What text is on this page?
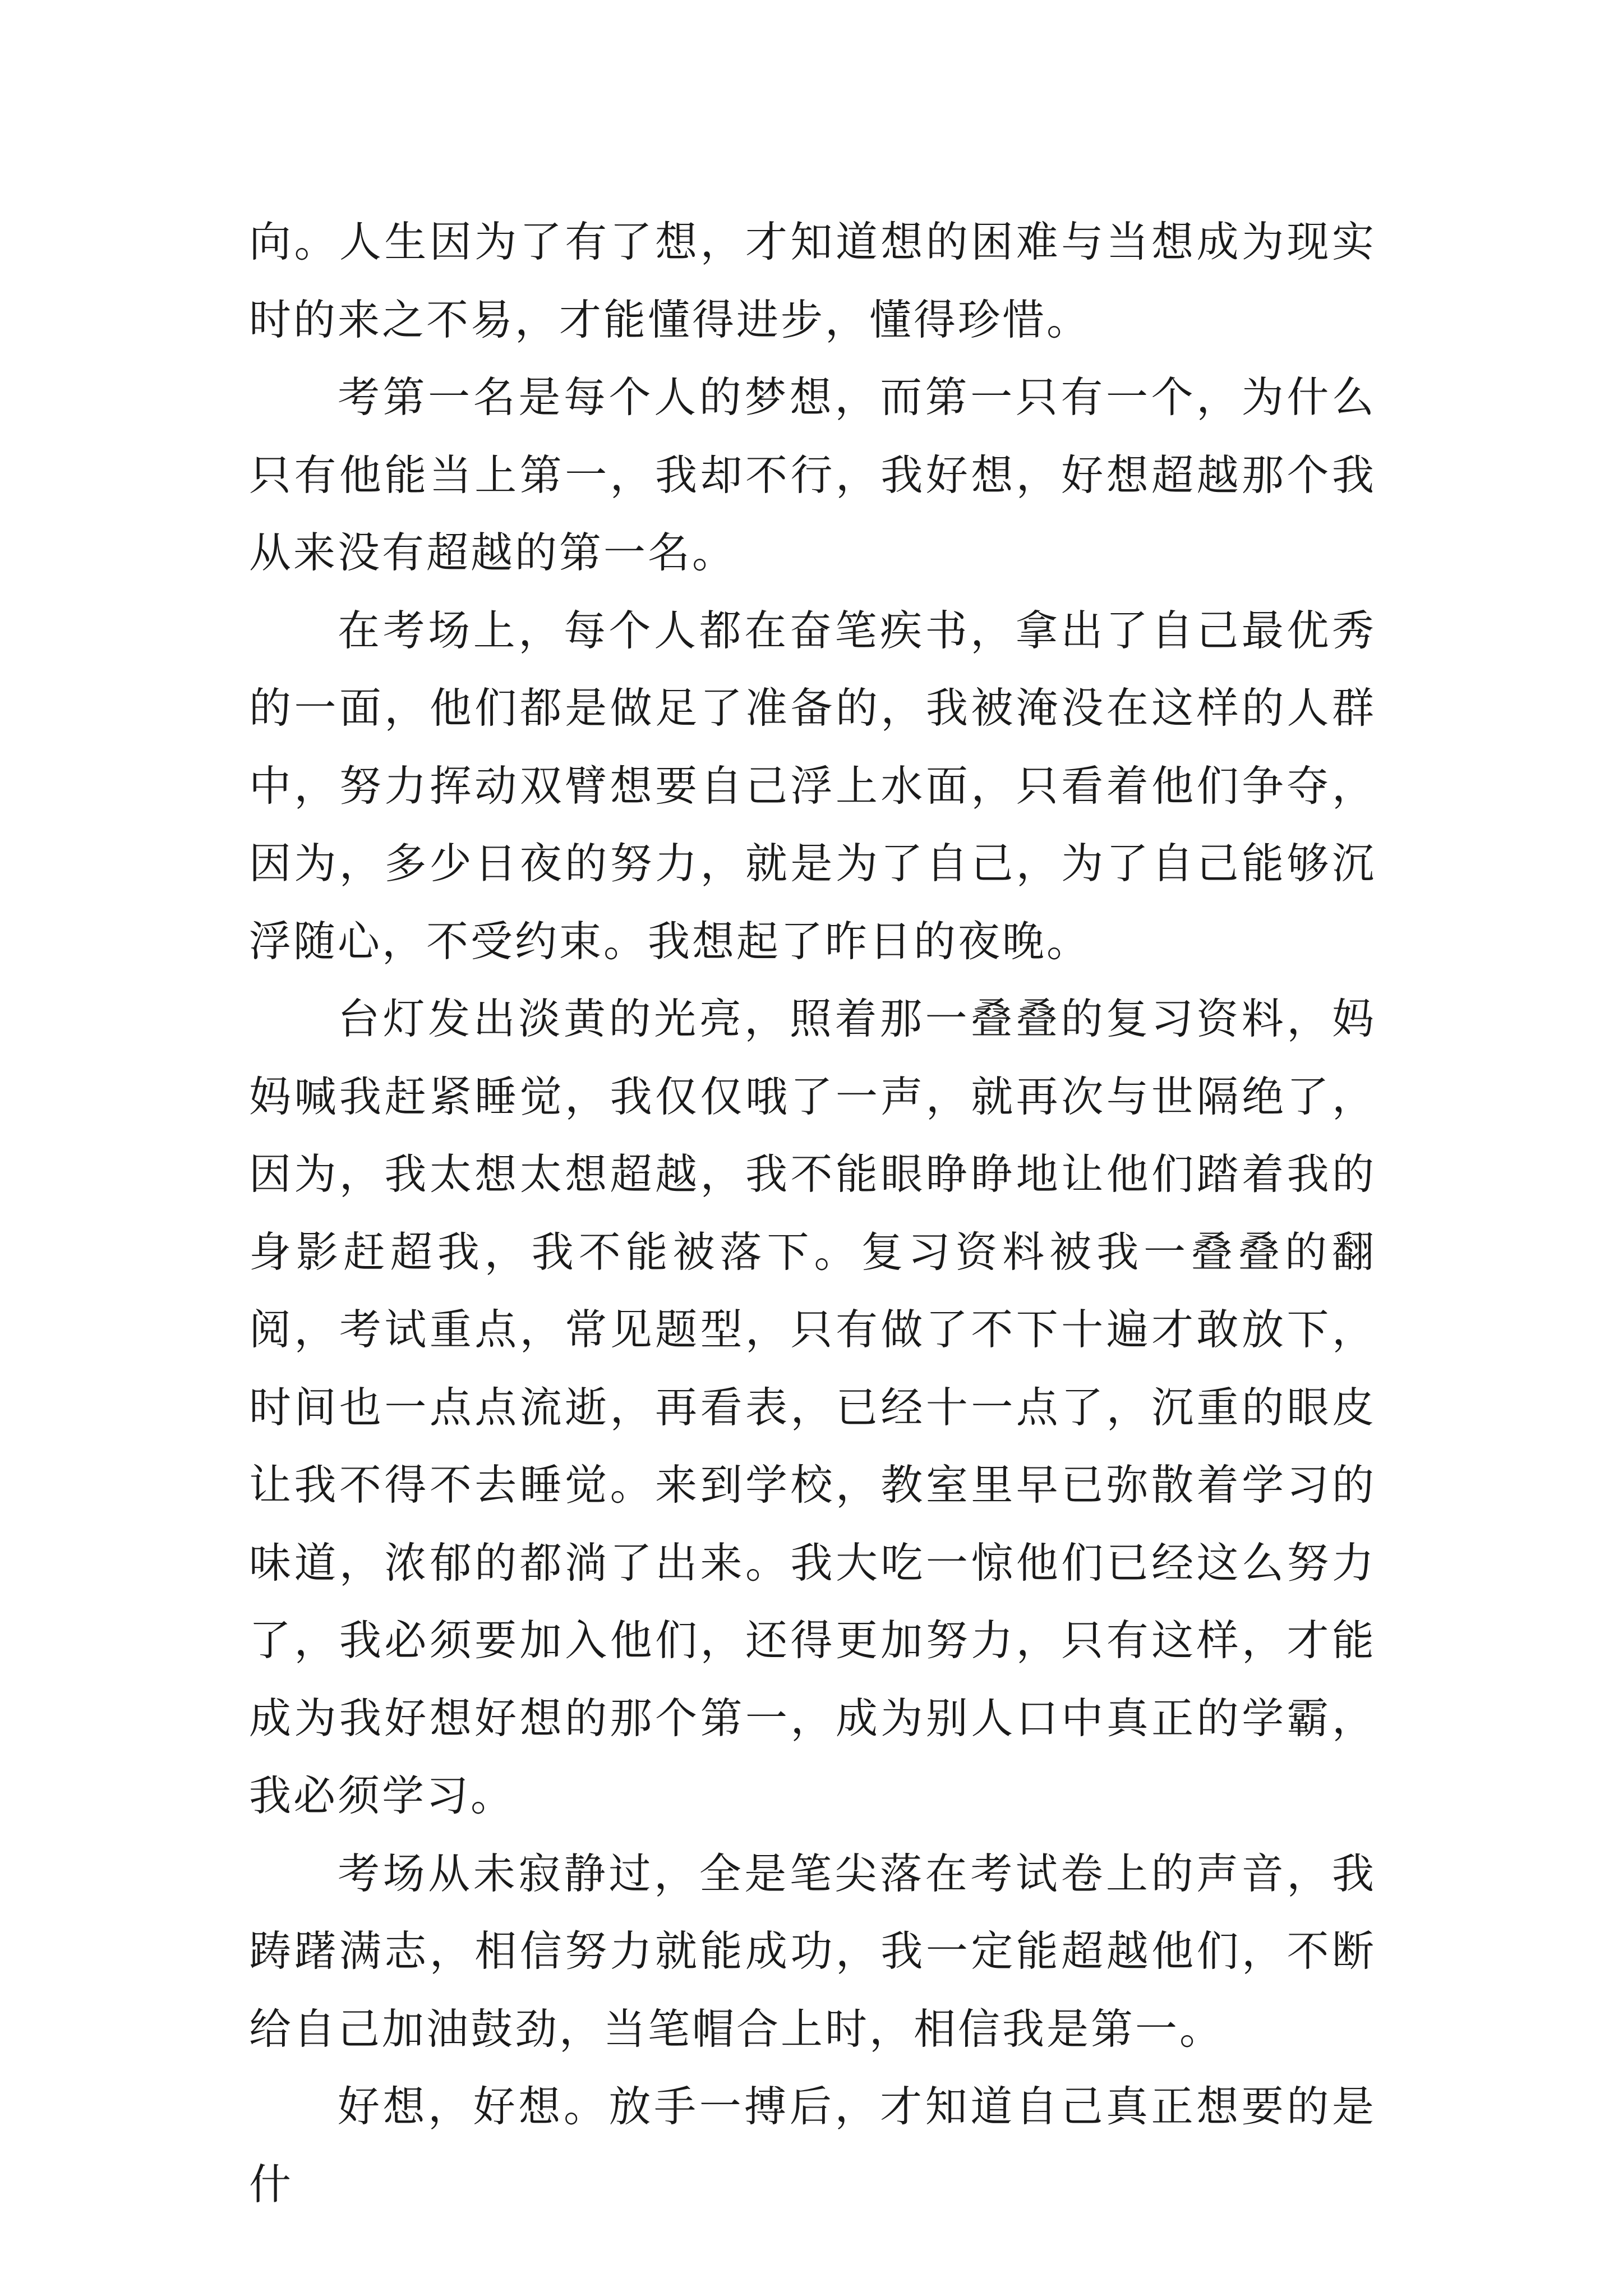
向。人生因为了有了想，才知道想的困难与当想成为现实时的来之不易，才能懂得进步，懂得珍惜。

考第一名是每个人的梦想，而第一只有一个，为什么只有他能当上第一，我却不行，我好想，好想超越那个我从来没有超越的第一名。

在考场上，每个人都在奋笔疾书，拿出了自己最优秀的一面，他们都是做足了准备的，我被淹没在这样的人群中，努力挥动双臂想要自己浮上水面，只看着他们争夺，因为，多少日夜的努力，就是为了自己，为了自己能够沉浮随心，不受约束。我想起了昨日的夜晚。

台灯发出淡黄的光亮，照着那一叠叠的复习资料，妈妈喊我赶紧睡觉，我仅仅哦了一声，就再次与世隔绝了，因为，我太想太想超越，我不能眼睁睁地让他们踏着我的身影赶超我，我不能被落下。复习资料被我一叠叠的翻阅，考试重点，常见题型，只有做了不下十遍才敢放下，时间也一点点流逝，再看表，已经十一点了，沉重的眼皮让我不得不去睡觉。来到学校，教室里早已弥散着学习的味道，浓郁的都淌了出来。我大吃一惊他们已经这么努力了，我必须要加入他们，还得更加努力，只有这样，才能成为我好想好想的那个第一，成为别人口中真正的学霸，我必须学习。

考场从未寂静过，全是笔尖落在考试卷上的声音，我踌躇满志，相信努力就能成功，我一定能超越他们，不断给自己加油鼓劲，当笔帽合上时，相信我是第一。

好想，好想。放手一搏后，才知道自己真正想要的是什
